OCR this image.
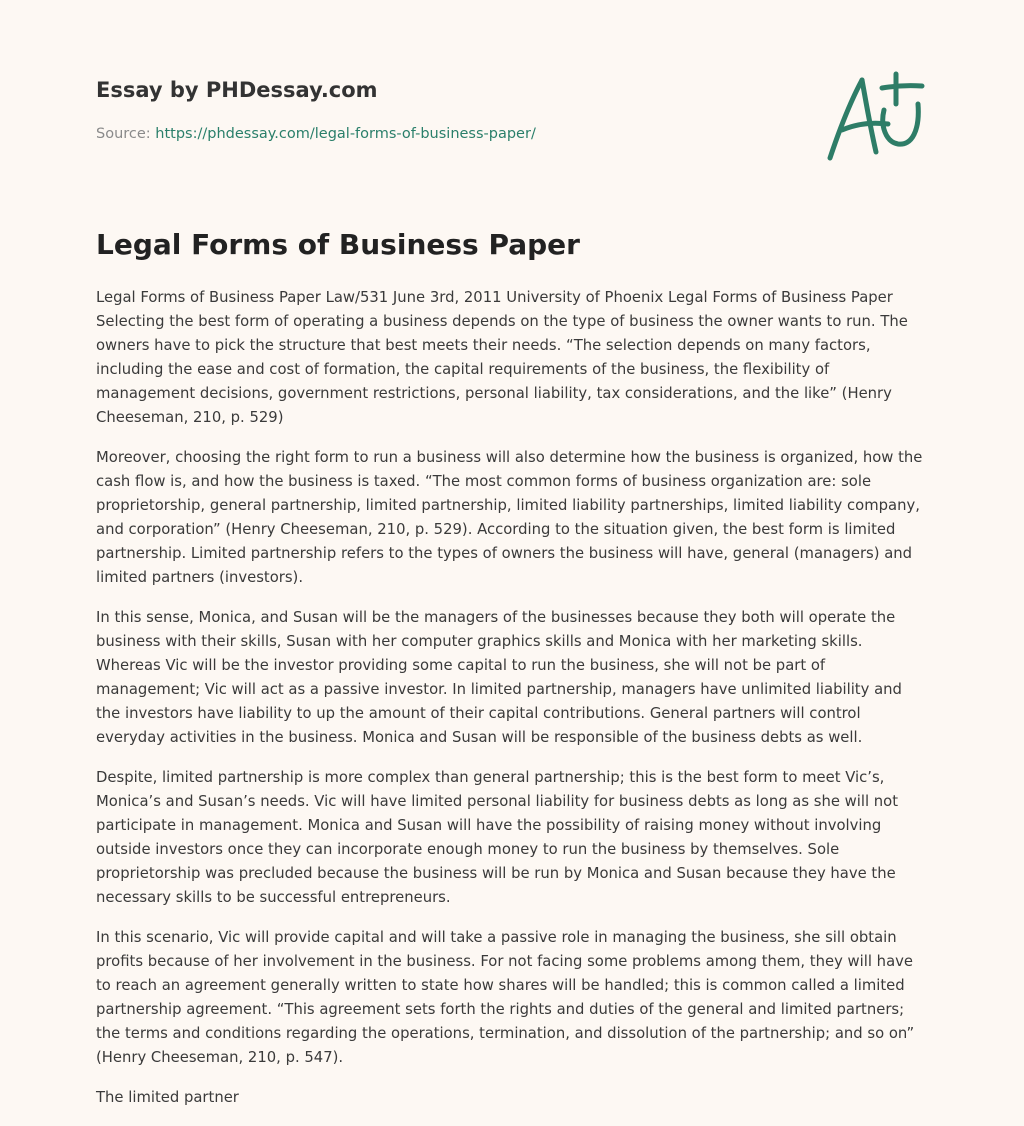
Essay by PHDessay.com
Source: https://phdessay.com/legal-forms-of-business-paper/
Legal Forms of Business Paper

Legal Forms of Business Paper Law/531 June 3rd, 2011 University of Phoenix Legal Forms of Business Paper Selecting the best form of operating a business depends on the type of business the owner wants to run. The owners have to pick the structure that best meets their needs. “The selection depends on many factors, including the ease and cost of formation, the capital requirements of the business, the flexibility of management decisions, government restrictions, personal liability, tax considerations, and the like” (Henry Cheeseman, 210, p. 529)

Moreover, choosing the right form to run a business will also determine how the business is organized, how the cash flow is, and how the business is taxed. “The most common forms of business organization are: sole proprietorship, general partnership, limited partnership, limited liability partnerships, limited liability company, and corporation” (Henry Cheeseman, 210, p. 529). According to the situation given, the best form is limited partnership. Limited partnership refers to the types of owners the business will have, general (managers) and limited partners (investors).

In this sense, Monica, and Susan will be the managers of the businesses because they both will operate the business with their skills, Susan with her computer graphics skills and Monica with her marketing skills. Whereas Vic will be the investor providing some capital to run the business, she will not be part of management; Vic will act as a passive investor. In limited partnership, managers have unlimited liability and the investors have liability to up the amount of their capital contributions. General partners will control everyday activities in the business. Monica and Susan will be responsible of the business debts as well.

Despite, limited partnership is more complex than general partnership; this is the best form to meet Vic’s, Monica’s and Susan’s needs. Vic will have limited personal liability for business debts as long as she will not participate in management. Monica and Susan will have the possibility of raising money without involving outside investors once they can incorporate enough money to run the business by themselves. Sole proprietorship was precluded because the business will be run by Monica and Susan because they have the necessary skills to be successful entrepreneurs.

In this scenario, Vic will provide capital and will take a passive role in managing the business, she sill obtain profits because of her involvement in the business. For not facing some problems among them, they will have to reach an agreement generally written to state how shares will be handled; this is common called a limited partnership agreement. “This agreement sets forth the rights and duties of the general and limited partners; the terms and conditions regarding the operations, termination, and dissolution of the partnership; and so on” (Henry Cheeseman, 210, p. 547).

The limited partner
